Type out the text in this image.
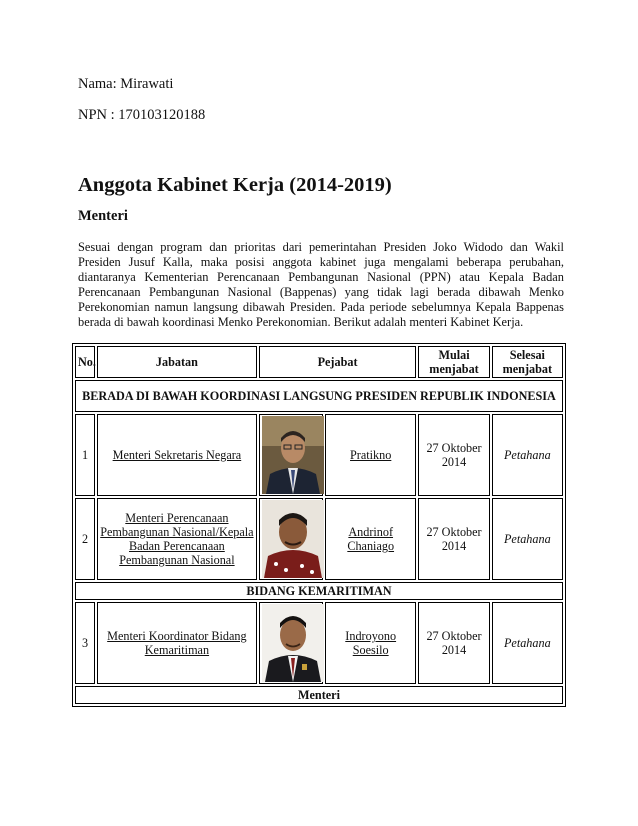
Nama: Mirawati
NPN : 170103120188
Anggota Kabinet Kerja (2014-2019)
Menteri

Sesuai dengan program dan prioritas dari pemerintahan Presiden Joko Widodo dan Wakil Presiden Jusuf Kalla, maka posisi anggota kabinet juga mengalami beberapa perubahan, diantaranya Kementerian Perencanaan Pembangunan Nasional (PPN) atau Kepala Badan Perencanaan Pembangunan Nasional (Bappenas) yang tidak lagi berada dibawah Menko Perekonomian namun langsung dibawah Presiden. Pada periode sebelumnya Kepala Bappenas berada di bawah koordinasi Menko Perekonomian. Berikut adalah menteri Kabinet Kerja.

No.	Jabatan	Pejabat		Mulai menjabat	Selesai menjabat
BERADA DI BAWAH KOORDINASI LANGSUNG PRESIDEN REPUBLIK INDONESIA					
1	Menteri Sekretaris Negara		Pratikno	27 Oktober 2014	Petahana
2	Menteri Perencanaan Pembangunan Nasional/Kepala Badan Perencanaan Pembangunan Nasional		Andrinof Chaniago	27 Oktober 2014	Petahana
BIDANG KEMARITIMAN					
3	Menteri Koordinator Bidang Kemaritiman		Indroyono Soesilo	27 Oktober 2014	Petahana
Menteri					
